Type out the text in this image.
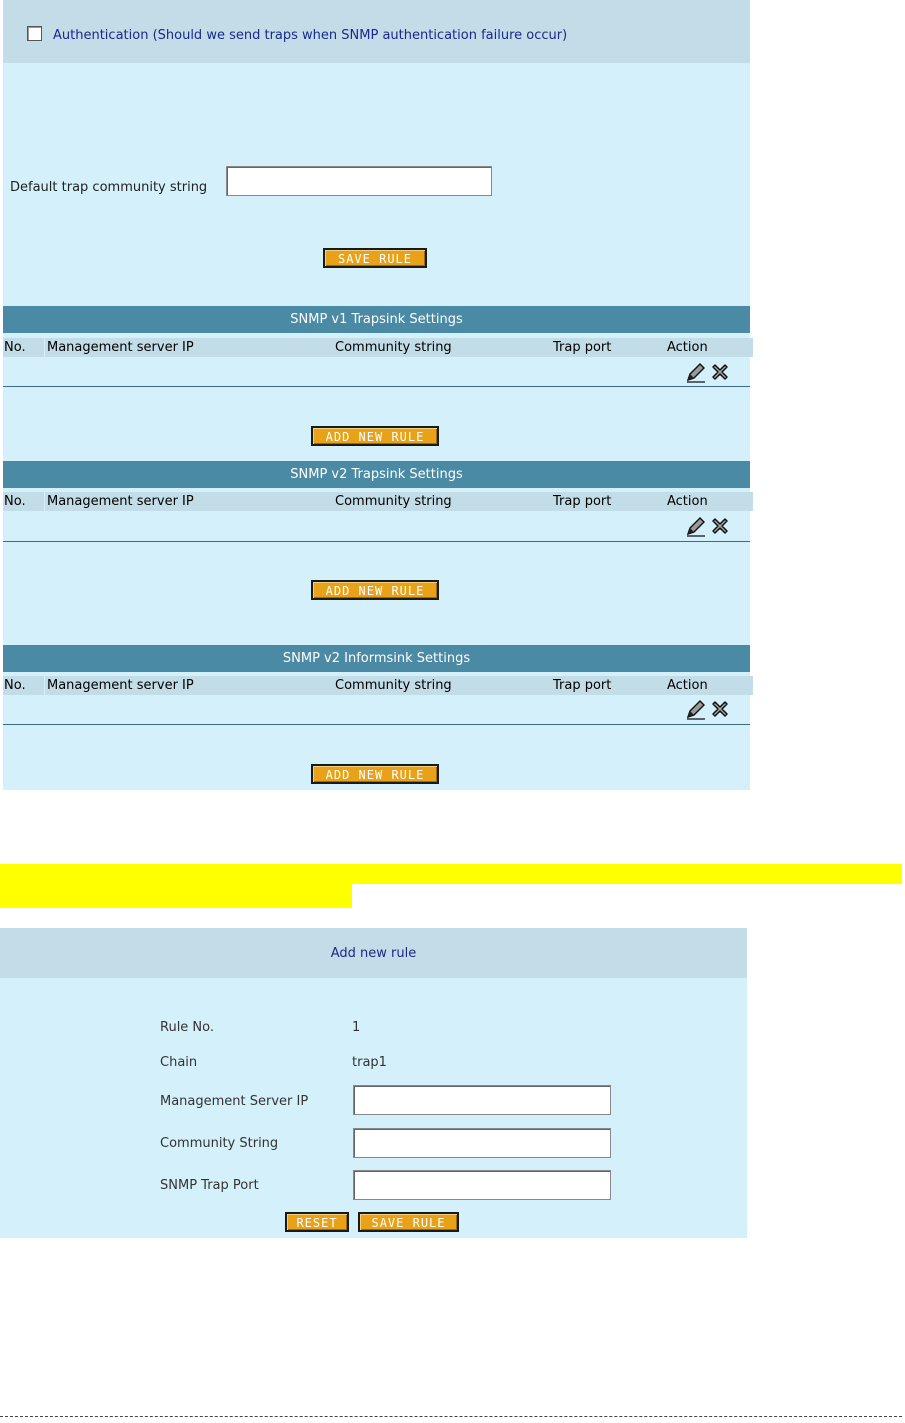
Authentication (Should we send traps when SNMP authentication failure occur)
Default trap community string
SAVE RULE
SNMP v1 Trapsink Settings
No.	Management server IP	Community string	Trap port	Action
ADD NEW RULE
SNMP v2 Trapsink Settings
No.	Management server IP	Community string	Trap port	Action
ADD NEW RULE
SNMP v2 Informsink Settings
No.	Management server IP	Community string	Trap port	Action
ADD NEW RULE
Add new rule
Rule No.	1
Chain	trap1
Management Server IP
Community String
SNMP Trap Port
RESET	SAVE RULE
